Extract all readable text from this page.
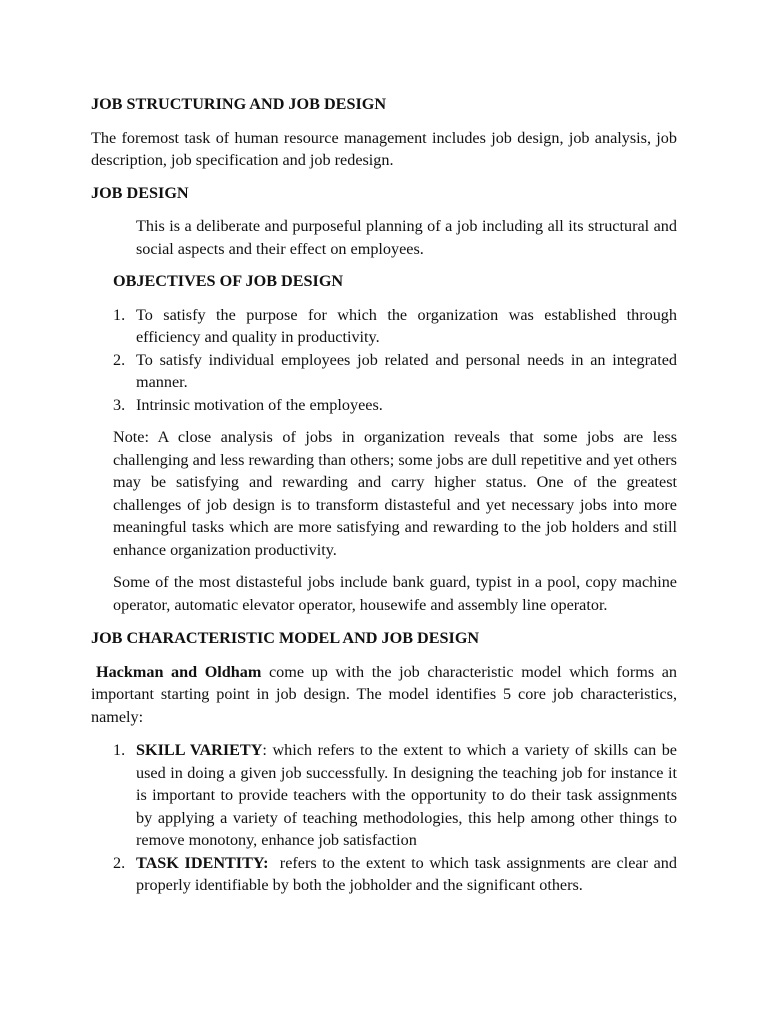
JOB STRUCTURING AND JOB DESIGN

The foremost task of human resource management includes job design, job analysis, job description, job specification and job redesign.

JOB DESIGN

This is a deliberate and purposeful planning of a job including all its structural and social aspects and their effect on employees.

OBJECTIVES OF JOB DESIGN

1. To satisfy the purpose for which the organization was established through efficiency and quality in productivity.
2. To satisfy individual employees job related and personal needs in an integrated manner.
3. Intrinsic motivation of the employees.

Note: A close analysis of jobs in organization reveals that some jobs are less challenging and less rewarding than others; some jobs are dull repetitive and yet others may be satisfying and rewarding and carry higher status. One of the greatest challenges of job design is to transform distasteful and yet necessary jobs into more meaningful tasks which are more satisfying and rewarding to the job holders and still enhance organization productivity.

Some of the most distasteful jobs include bank guard, typist in a pool, copy machine operator, automatic elevator operator, housewife and assembly line operator.

JOB CHARACTERISTIC MODEL AND JOB DESIGN

Hackman and Oldham come up with the job characteristic model which forms an important starting point in job design. The model identifies 5 core job characteristics, namely:

1. SKILL VARIETY: which refers to the extent to which a variety of skills can be used in doing a given job successfully. In designing the teaching job for instance it is important to provide teachers with the opportunity to do their task assignments by applying a variety of teaching methodologies, this help among other things to remove monotony, enhance job satisfaction
2. TASK IDENTITY:  refers to the extent to which task assignments are clear and properly identifiable by both the jobholder and the significant others.
